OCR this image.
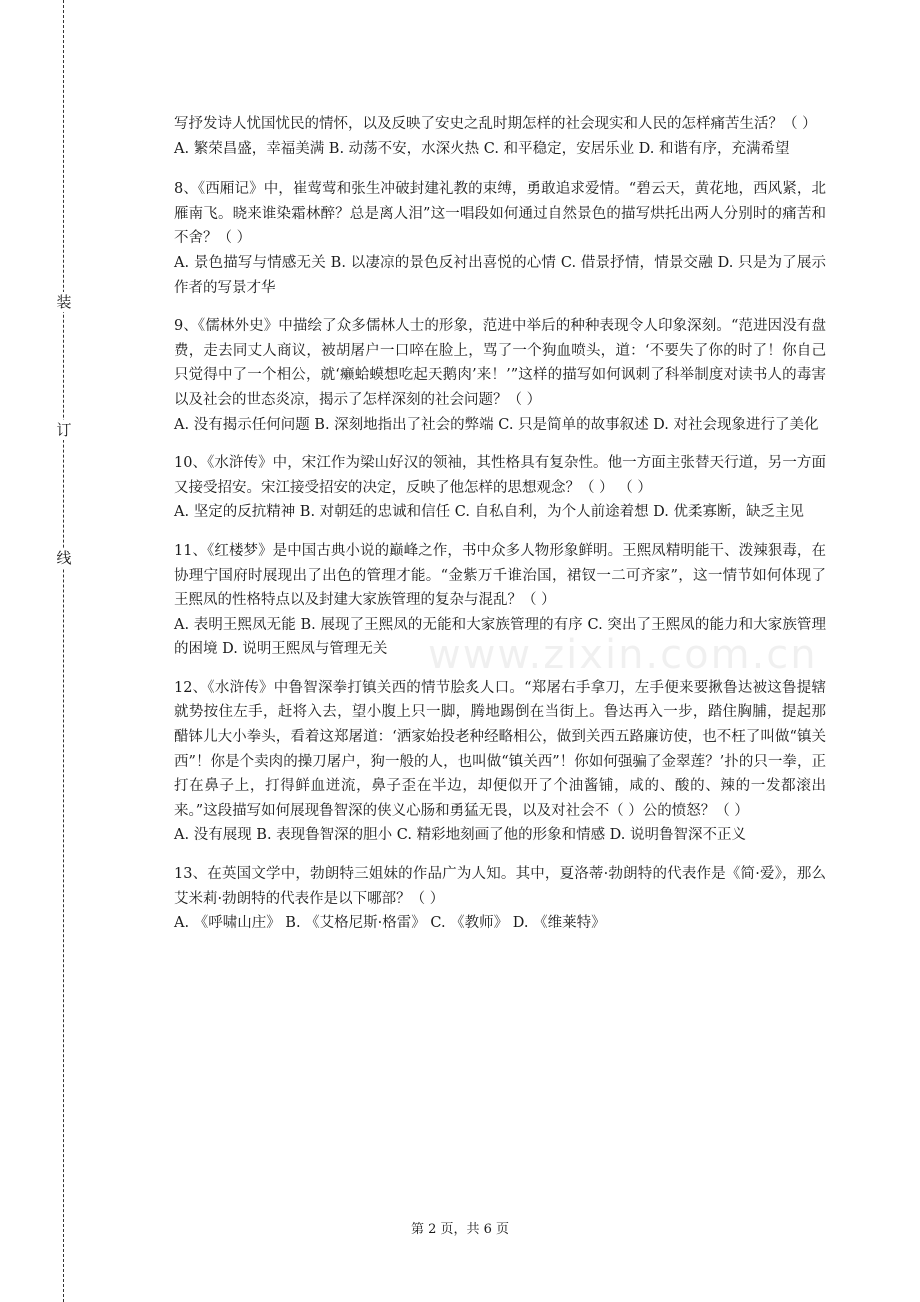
装
订
线
www.zixin.com.cn

写抒发诗人忧国忧民的情怀，以及反映了安史之乱时期怎样的社会现实和人民的怎样痛苦生活？（ ）

A. 繁荣昌盛，幸福美满 B. 动荡不安，水深火热 C. 和平稳定，安居乐业 D. 和谐有序，充满希望

8、《西厢记》中，崔莺莺和张生冲破封建礼教的束缚，勇敢追求爱情。“碧云天，黄花地，西风紧，北雁南飞。晓来谁染霜林醉？总是离人泪”这一唱段如何通过自然景色的描写烘托出两人分别时的痛苦和不舍？（ ）

A. 景色描写与情感无关 B. 以凄凉的景色反衬出喜悦的心情 C. 借景抒情，情景交融 D. 只是为了展示作者的写景才华

9、《儒林外史》中描绘了众多儒林人士的形象，范进中举后的种种表现令人印象深刻。“范进因没有盘费，走去同丈人商议，被胡屠户一口啐在脸上，骂了一个狗血喷头，道：‘不要失了你的时了！你自己只觉得中了一个相公，就‘癞蛤蟆想吃起天鹅肉’来！’”这样的描写如何讽刺了科举制度对读书人的毒害以及社会的世态炎凉，揭示了怎样深刻的社会问题？（ ）

A. 没有揭示任何问题 B. 深刻地指出了社会的弊端 C. 只是简单的故事叙述 D. 对社会现象进行了美化

10、《水浒传》中，宋江作为梁山好汉的领袖，其性格具有复杂性。他一方面主张替天行道，另一方面又接受招安。宋江接受招安的决定，反映了他怎样的思想观念？（ ） （ ）

A. 坚定的反抗精神 B. 对朝廷的忠诚和信任 C. 自私自利，为个人前途着想 D. 优柔寡断，缺乏主见

11、《红楼梦》是中国古典小说的巅峰之作，书中众多人物形象鲜明。王熙凤精明能干、泼辣狠毒，在协理宁国府时展现出了出色的管理才能。“金紫万千谁治国，裙钗一二可齐家”，这一情节如何体现了王熙凤的性格特点以及封建大家族管理的复杂与混乱？（ ）

A. 表明王熙凤无能 B. 展现了王熙凤的无能和大家族管理的有序 C. 突出了王熙凤的能力和大家族管理的困境 D. 说明王熙凤与管理无关

12、《水浒传》中鲁智深拳打镇关西的情节脍炙人口。“郑屠右手拿刀，左手便来要揪鲁达被这鲁提辖就势按住左手，赶将入去，望小腹上只一脚，腾地踢倒在当街上。鲁达再入一步，踏住胸脯，提起那醋钵儿大小拳头，看着这郑屠道：‘洒家始投老种经略相公，做到关西五路廉访使，也不枉了叫做“镇关西”！你是个卖肉的操刀屠户，狗一般的人，也叫做“镇关西”！你如何强骗了金翠莲？’扑的只一拳，正打在鼻子上，打得鲜血迸流，鼻子歪在半边，却便似开了个油酱铺，咸的、酸的、辣的一发都滚出来。”这段描写如何展现鲁智深的侠义心肠和勇猛无畏，以及对社会不（ ）公的愤怒？（ ）

A. 没有展现 B. 表现鲁智深的胆小 C. 精彩地刻画了他的形象和情感 D. 说明鲁智深不正义

13、在英国文学中，勃朗特三姐妹的作品广为人知。其中，夏洛蒂·勃朗特的代表作是《简·爱》，那么艾米莉·勃朗特的代表作是以下哪部？（ ）

A. 《呼啸山庄》 B. 《艾格尼斯·格雷》 C. 《教师》 D. 《维莱特》

第 2 页，共 6 页
